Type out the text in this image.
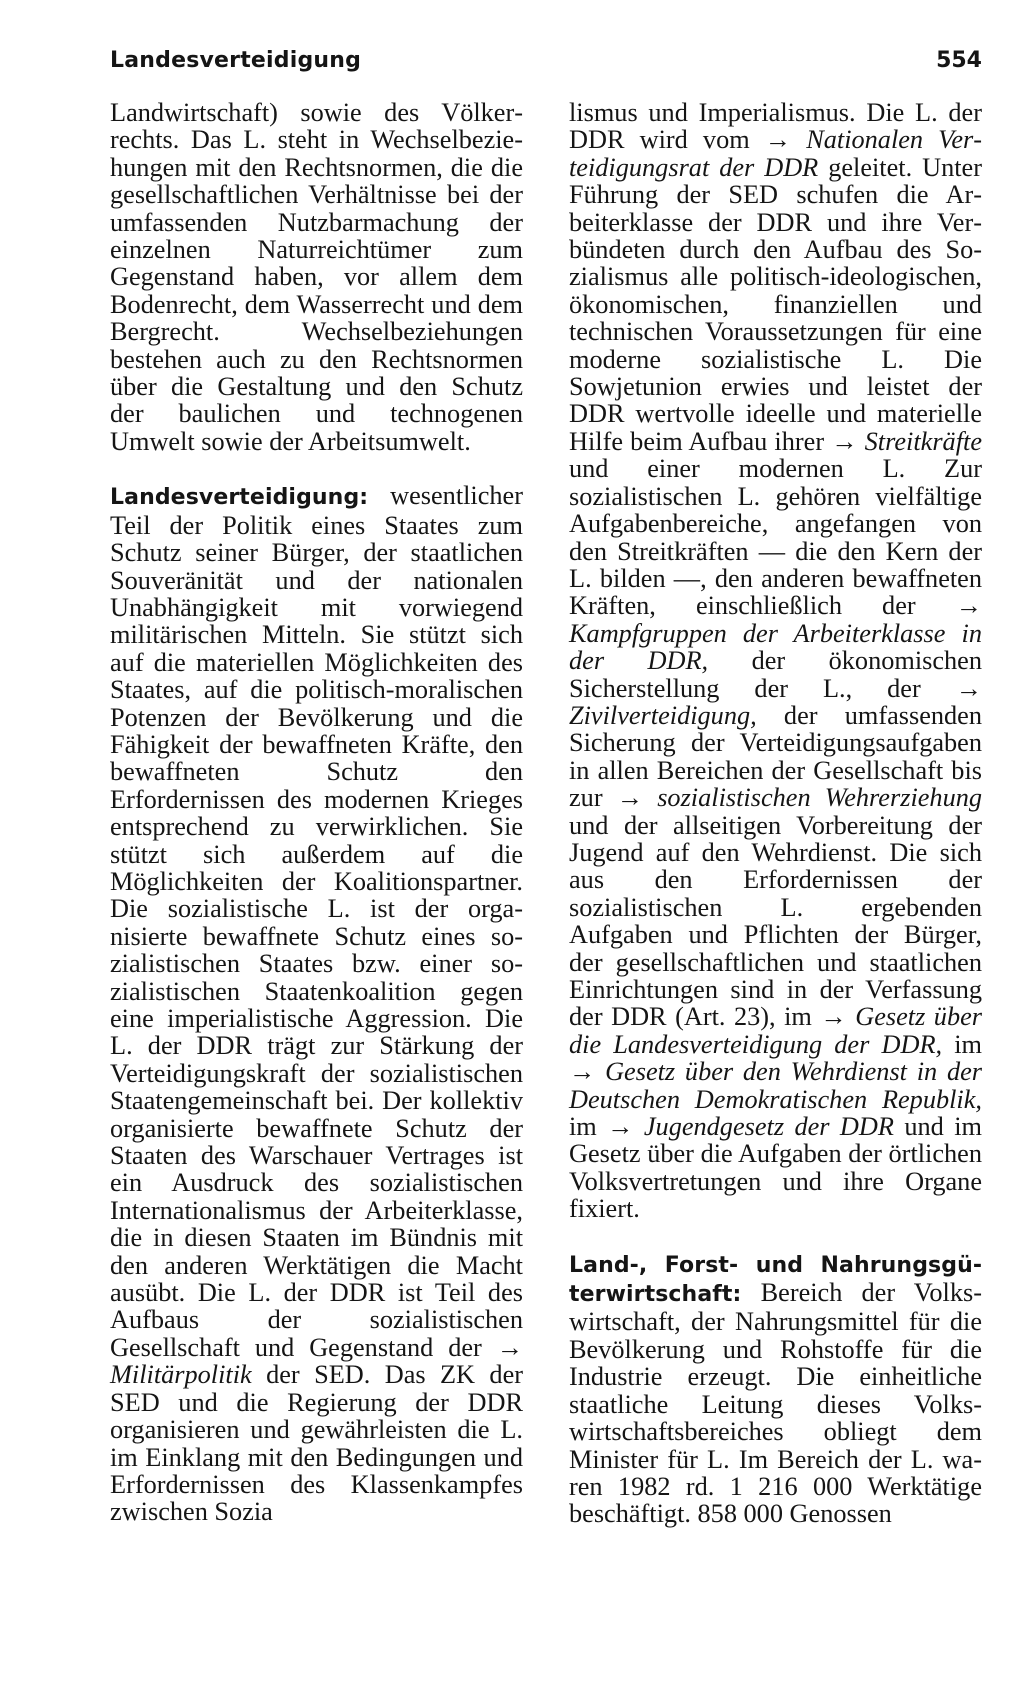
Landesverteidigung	554

Landwirtschaft) sowie des Völkerrechts. Das L. steht in Wechselbeziehungen mit den Rechtsnormen, die die gesellschaftlichen Verhältnisse bei der umfassenden Nutzbarmachung der einzelnen Naturreichtümer zum Gegenstand haben, vor allem dem Bodenrecht, dem Wasserrecht und dem Bergrecht. Wechselbeziehungen bestehen auch zu den Rechtsnormen über die Gestaltung und den Schutz der baulichen und technogenen Umwelt sowie der Arbeitsumwelt.

Landesverteidigung: wesentlicher Teil der Politik eines Staates zum Schutz seiner Bürger, der staatlichen Souveränität und der nationalen Unabhängigkeit mit vorwiegend militärischen Mitteln. Sie stützt sich auf die materiellen Möglichkeiten des Staates, auf die politisch-moralischen Potenzen der Bevölkerung und die Fähigkeit der bewaffneten Kräfte, den bewaffneten Schutz den Erfordernissen des modernen Krieges entsprechend zu verwirklichen. Sie stützt sich außerdem auf die Möglichkeiten der Koalitionspartner. Die sozialistische L. ist der organisierte bewaffnete Schutz eines sozialistischen Staates bzw. einer sozialistischen Staatenkoalition gegen eine imperialistische Aggression. Die L. der DDR trägt zur Stärkung der Verteidigungskraft der sozialistischen Staatengemeinschaft bei. Der kollektiv organisierte bewaffnete Schutz der Staaten des Warschauer Vertrages ist ein Ausdruck des sozialistischen Internationalismus der Arbeiterklasse, die in diesen Staaten im Bündnis mit den anderen Werktätigen die Macht ausübt. Die L. der DDR ist Teil des Aufbaus der sozialistischen Gesellschaft und Gegenstand der → Militärpolitik der SED. Das ZK der SED und die Regierung der DDR organisieren und gewährleisten die L. im Einklang mit den Bedingungen und Erfordernissen des Klassenkampfes zwischen Sozia

lismus und Imperialismus. Die L. der DDR wird vom → Nationalen Verteidigungsrat der DDR geleitet. Unter Führung der SED schufen die Arbeiterklasse der DDR und ihre Verbündeten durch den Aufbau des Sozialismus alle politisch-ideologischen, ökonomischen, finanziellen und technischen Voraussetzungen für eine moderne sozialistische L. Die Sowjetunion erwies und leistet der DDR wertvolle ideelle und materielle Hilfe beim Aufbau ihrer → Streitkräfte und einer modernen L. Zur sozialistischen L. gehören vielfältige Aufgabenbereiche, angefangen von den Streitkräften — die den Kern der L. bilden —, den anderen bewaffneten Kräften, einschließlich der → Kampfgruppen der Arbeiterklasse in der DDR, der ökonomischen Sicherstellung der L., der → Zivilverteidigung, der umfassenden Sicherung der Verteidigungsaufgaben in allen Bereichen der Gesellschaft bis zur → sozialistischen Wehrerziehung und der allseitigen Vorbereitung der Jugend auf den Wehrdienst. Die sich aus den Erfordernissen der sozialistischen L. ergebenden Aufgaben und Pflichten der Bürger, der gesellschaftlichen und staatlichen Einrichtungen sind in der Verfassung der DDR (Art. 23), im → Gesetz über die Landesverteidigung der DDR, im → Gesetz über den Wehrdienst in der Deutschen Demokratischen Republik, im → Jugendgesetz der DDR und im Gesetz über die Aufgaben der örtlichen Volksvertretungen und ihre Organe fixiert.

Land-, Forst- und Nahrungsgüterwirtschaft: Bereich der Volkswirtschaft, der Nahrungsmittel für die Bevölkerung und Rohstoffe für die Industrie erzeugt. Die einheitliche staatliche Leitung dieses Volkswirtschaftsbereiches obliegt dem Minister für L. Im Bereich der L. waren 1982 rd. 1 216 000 Werktätige beschäftigt. 858 000 Genossen
